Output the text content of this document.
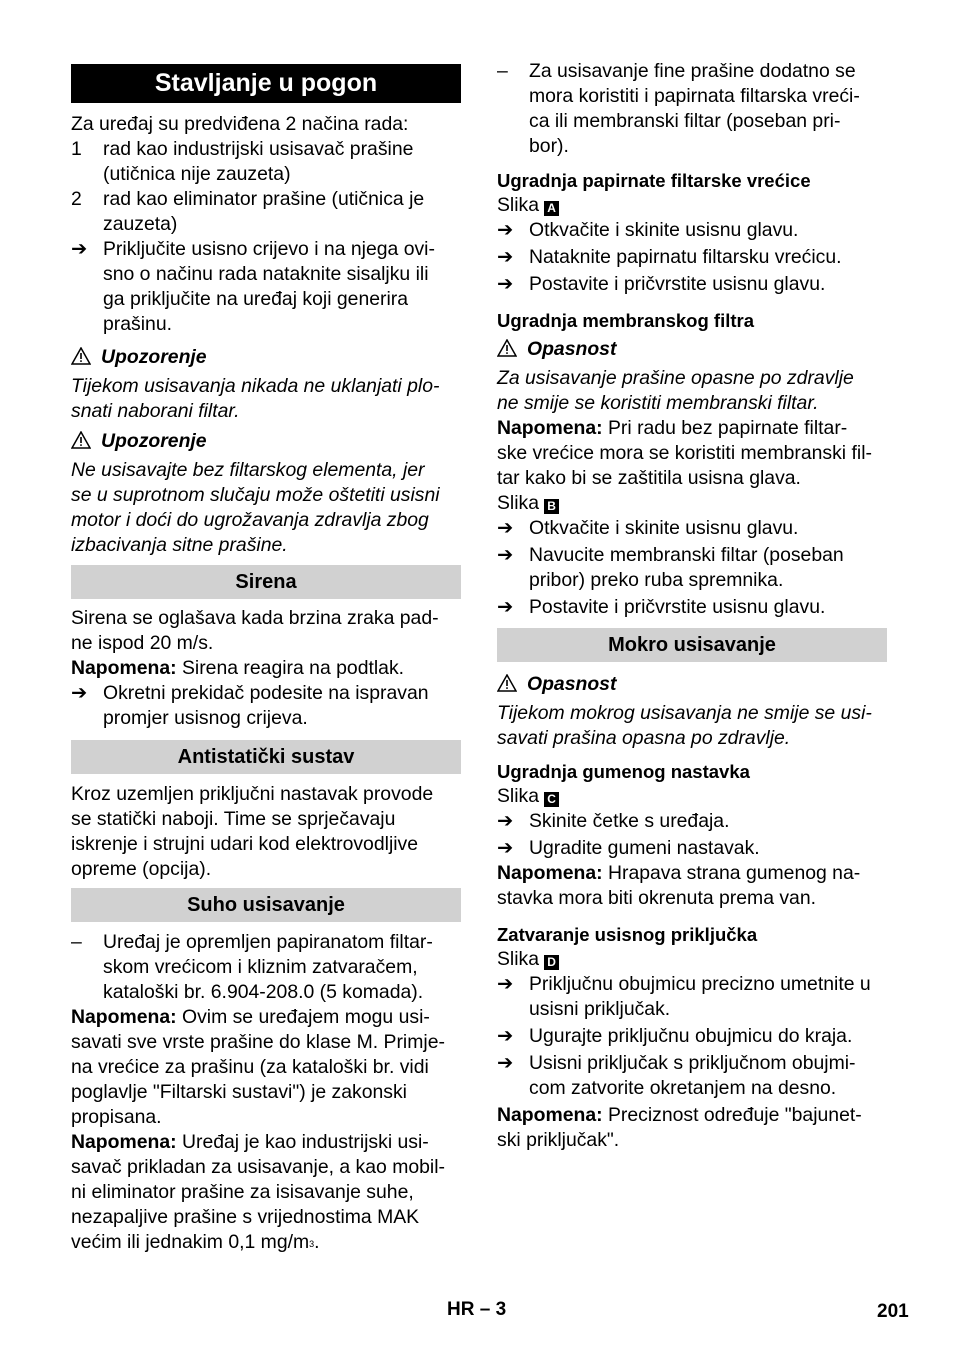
Stavljanje u pogon

Za uređaj su predviđena 2 načina rada:

1 rad kao industrijski usisavač prašine

(utičnica nije zauzeta)

2 rad kao eliminator prašine (utičnica je

zauzeta)

➔ Priključite usisno crijevo i na njega ovi-

sno o načinu rada nataknite sisaljku ili

ga priključite na uređaj koji generira

prašinu.

Upozorenje

Tijekom usisavanja nikada ne uklanjati plo-

snati naborani filtar.

Upozorenje

Ne usisavajte bez filtarskog elementa, jer

se u suprotnom slučaju može oštetiti usisni

motor i doći do ugrožavanja zdravlja zbog

izbacivanja sitne prašine.

Sirena

Sirena se oglašava kada brzina zraka pad-

ne ispod 20 m/s.

Napomena: Sirena reagira na podtlak.

➔ Okretni prekidač podesite na ispravan

promjer usisnog crijeva.

Antistatički sustav

Kroz uzemljen priključni nastavak provode

se statički naboji. Time se sprječavaju

iskrenje i strujni udari kod elektrovodljive

opreme (opcija).

Suho usisavanje
– Uređaj je opremljen papiranatom filtar-

skom vrećicom i kliznim zatvaračem,

kataloški br. 6.904-208.0 (5 komada).

Napomena: Ovim se uređajem mogu usi-

savati sve vrste prašine do klase M. Primje-

na vrećice za prašinu (za kataloški br. vidi

poglavlje "Filtarski sustavi") je zakonski

propisana.

Napomena: Uređaj je kao industrijski usi-

savač prikladan za usisavanje, a kao mobil-

ni eliminator prašine za isisavanje suhe,

nezapaljive prašine s vrijednostima MAK

većim ili jednakim 0,1 $mg/m^3$.

– Za usisavanje fine prašine dodatno se

mora koristiti i papirnata filtarska vreći-

ca ili membranski filtar (poseban pri-

bor).

Ugradnja papirnate filtarske vrećice

Slika A

➔ Otkvačite i skinite usisnu glavu.

➔ Nataknite papirnatu filtarsku vrećicu.

➔ Postavite i pričvrstite usisnu glavu.

Ugradnja membranskog filtra

Opasnost

Za usisavanje prašine opasne po zdravlje

ne smije se koristiti membranski filtar.

Napomena: Pri radu bez papirnate filtar-

ske vrećice mora se koristiti membranski fil-

tar kako bi se zaštitila usisna glava.

Slika B

➔ Otkvačite i skinite usisnu glavu.

➔ Navucite membranski filtar (poseban

pribor) preko ruba spremnika.

➔ Postavite i pričvrstite usisnu glavu.

Mokro usisavanje

Opasnost

Tijekom mokrog usisavanja ne smije se usi-

savati prašina opasna po zdravlje.

Ugradnja gumenog nastavka

Slika C

➔ Skinite četke s uređaja.

➔ Ugradite gumeni nastavak.

Napomena: Hrapava strana gumenog na-

stavka mora biti okrenuta prema van.

Zatvaranje usisnog priključka

Slika D

➔ Priključnu obujmicu precizno umetnite u

usisni priključak.

➔ Ugurajte priključnu obujmicu do kraja.

➔ Usisni priključak s priključnom obujmi-

com zatvorite okretanjem na desno.

Napomena: Preciznost određuje "bajunet-

ski priključak".

HR – 3	201
